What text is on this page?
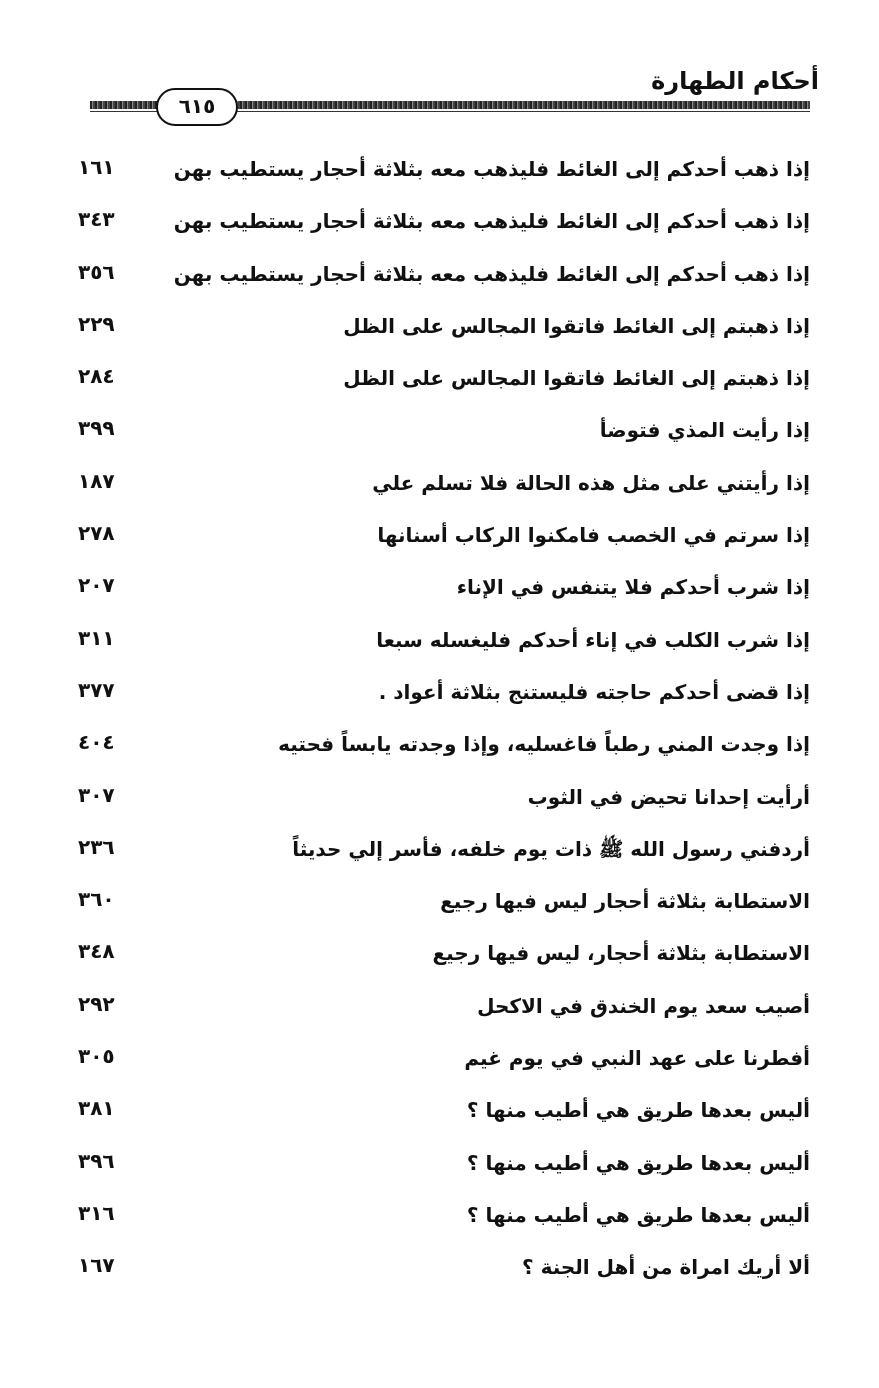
أحكام الطهارة
٦١٥
إذا ذهب أحدكم إلى الغائط فليذهب معه بثلاثة أحجار يستطيب بهن
١٦١
إذا ذهب أحدكم إلى الغائط فليذهب معه بثلاثة أحجار يستطيب بهن
٣٤٣
إذا ذهب أحدكم إلى الغائط فليذهب معه بثلاثة أحجار يستطيب بهن
٣٥٦
إذا ذهبتم إلى الغائط فاتقوا المجالس على الظل
٢٢٩
إذا ذهبتم إلى الغائط فاتقوا المجالس على الظل
٢٨٤
إذا رأيت المذي فتوضأ
٣٩٩
إذا رأيتني على مثل هذه الحالة فلا تسلم علي
١٨٧
إذا سرتم في الخصب فامكنوا الركاب أسنانها
٢٧٨
إذا شرب أحدكم فلا يتنفس في الإناء
٢٠٧
إذا شرب الكلب في إناء أحدكم فليغسله سبعا
٣١١
إذا قضى أحدكم حاجته فليستنج بثلاثة أعواد .
٣٧٧
إذا وجدت المني رطباً فاغسليه، وإذا وجدته يابساً فحتيه
٤٠٤
أرأيت إحدانا تحيض في الثوب
٣٠٧
أردفني رسول الله ﷺ ذات يوم خلفه، فأسر إلي حديثاً
٢٣٦
الاستطابة بثلاثة أحجار ليس فيها رجيع
٣٦٠
الاستطابة بثلاثة أحجار، ليس فيها رجيع
٣٤٨
أصيب سعد يوم الخندق في الاكحل
٢٩٢
أفطرنا على عهد النبي في يوم غيم
٣٠٥
أليس بعدها طريق هي أطيب منها ؟
٣٨١
أليس بعدها طريق هي أطيب منها ؟
٣٩٦
أليس بعدها طريق هي أطيب منها ؟
٣١٦
ألا أريك امراة من أهل الجنة ؟
١٦٧
